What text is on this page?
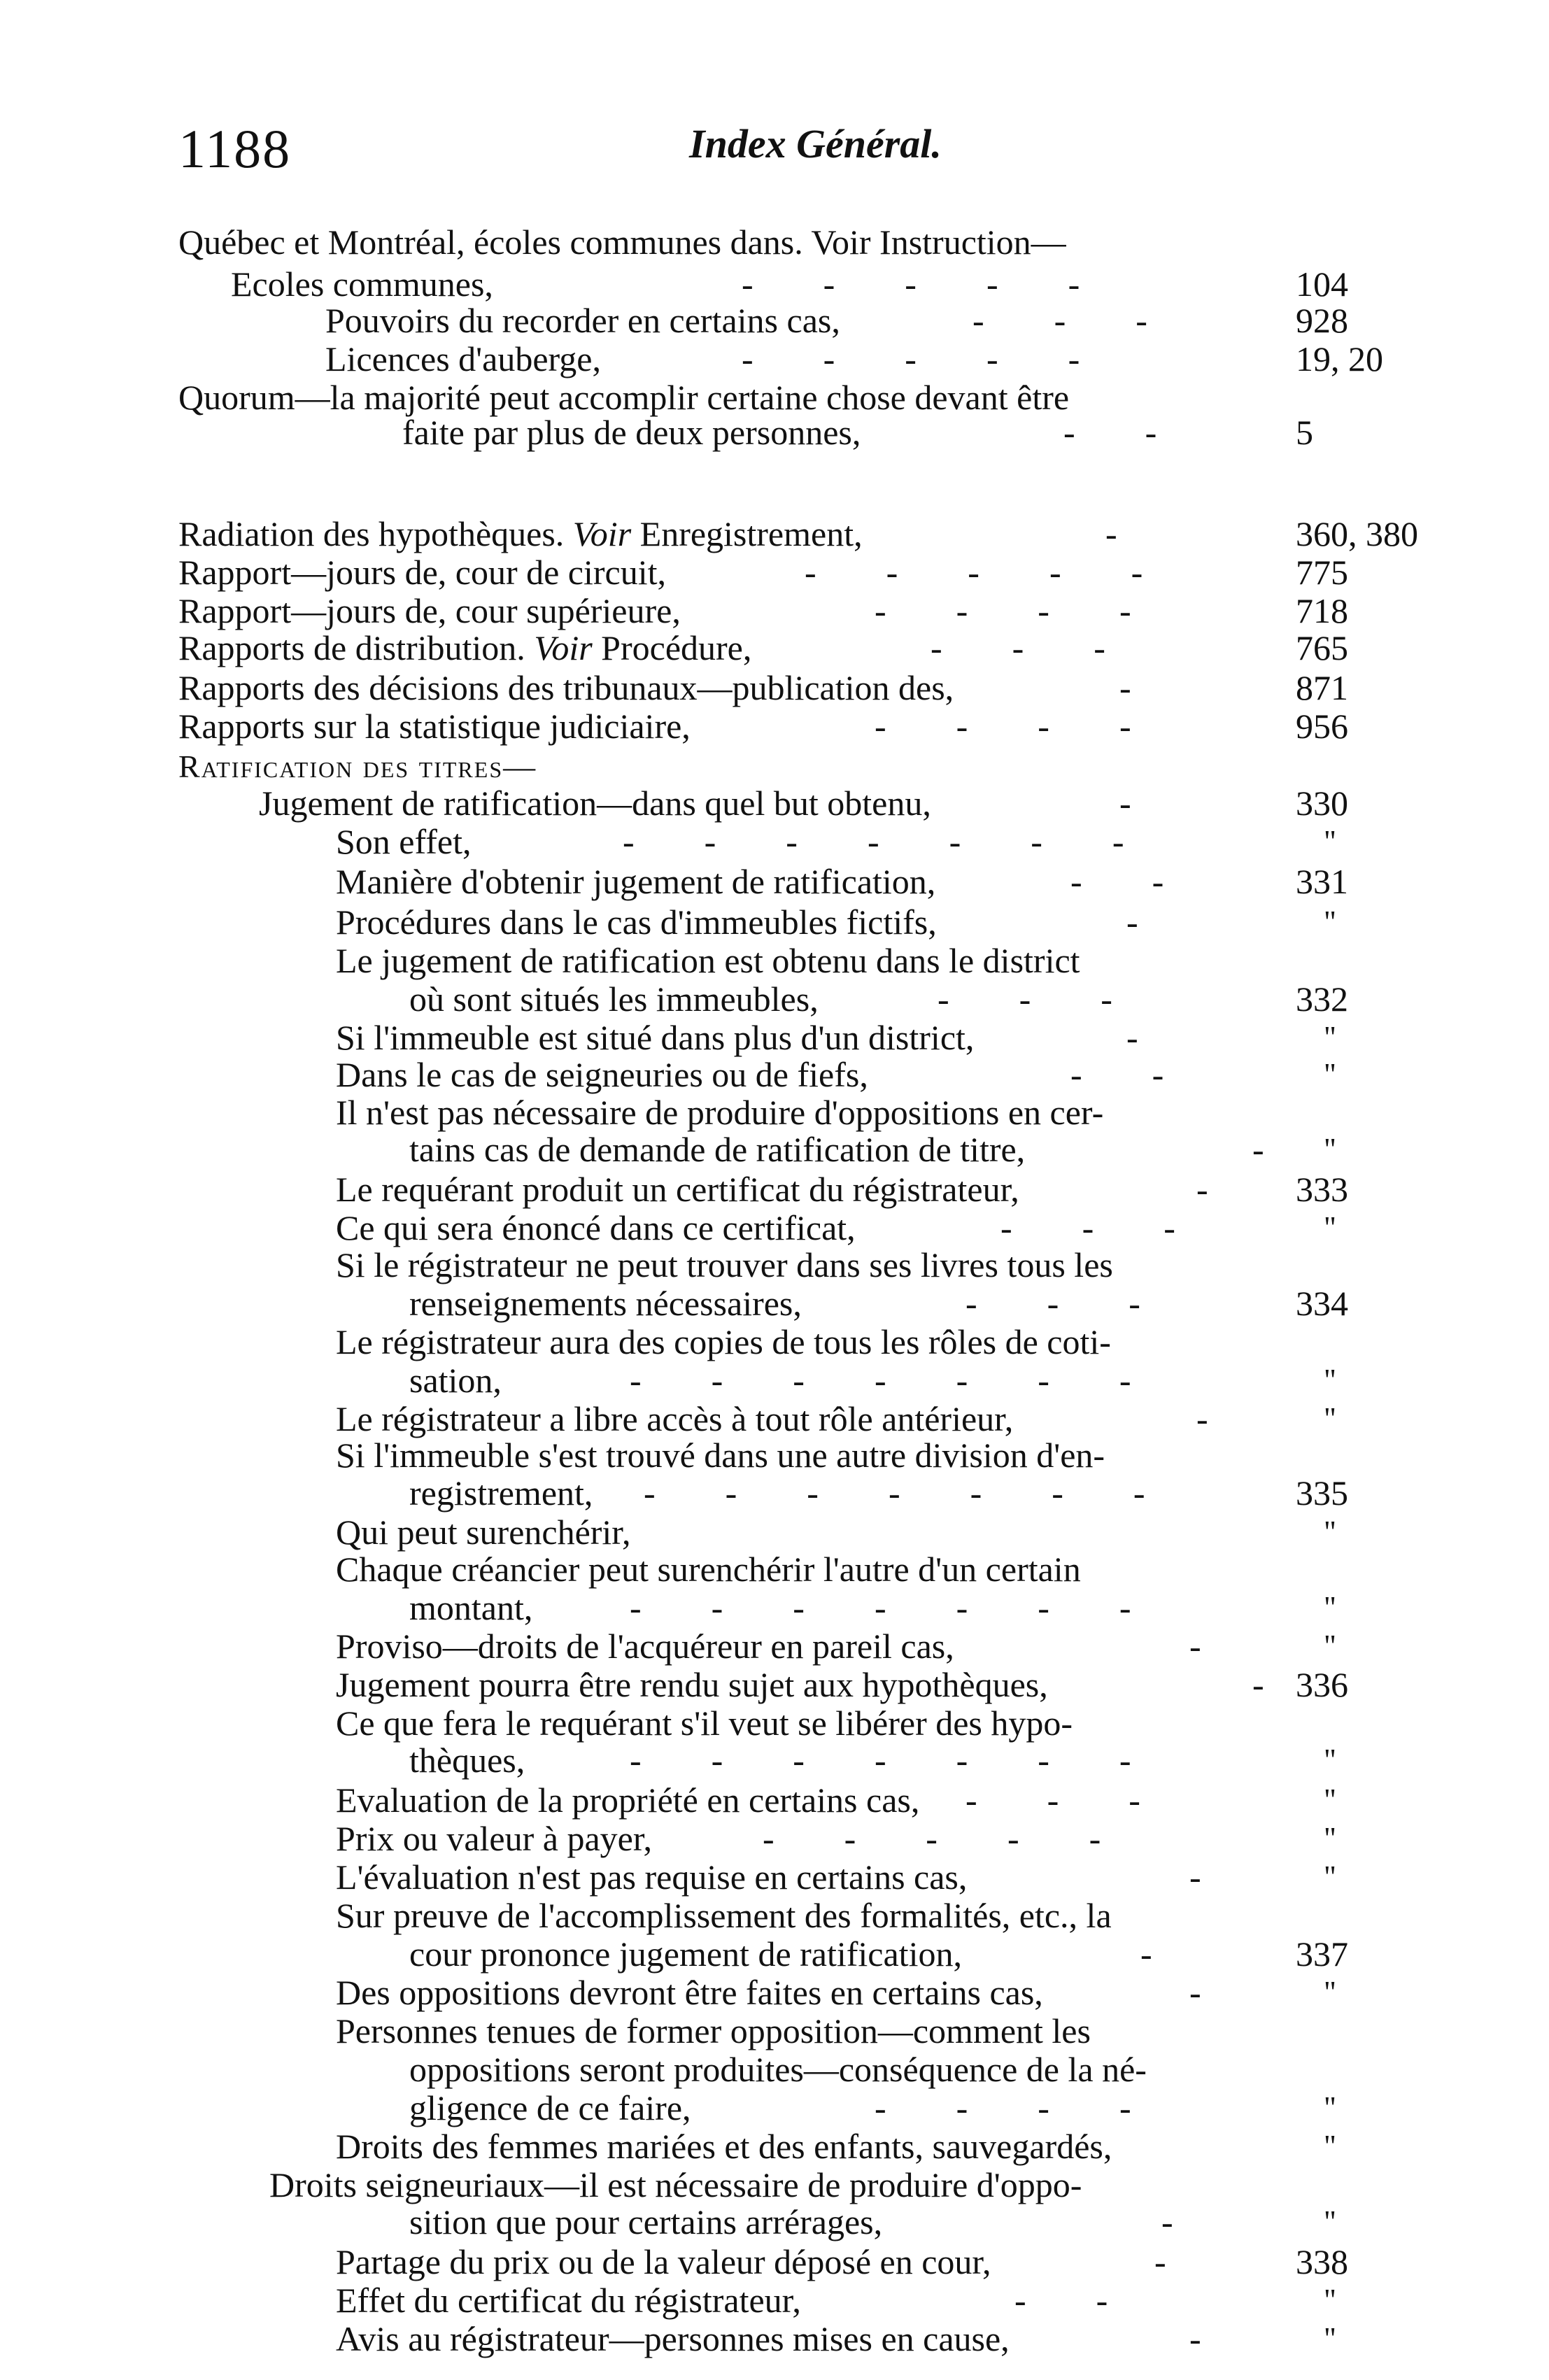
1188	Index Général.
Québec et Montréal, écoles communes dans. Voir Instruction—
Ecoles communes,	-  -  -  -  -	104
Pouvoirs du recorder en certains cas,	-  -  -	928
Licences d'auberge,	-  -  -  -  -	19, 20
Quorum—la majorité peut accomplir certaine chose devant être
faite par plus de deux personnes,	-  -	5
Radiation des hypothèques. Voir Enregistrement,	-	360, 380
Rapport—jours de, cour de circuit,	-  -  -  -  -	775
Rapport—jours de, cour supérieure,	-  -  -  -	718
Rapports de distribution. Voir Procédure,	-  -  -	765
Rapports des décisions des tribunaux—publication des,	-	871
Rapports sur la statistique judiciaire,	-  -  -  -	956
Ratification des titres—
Jugement de ratification—dans quel but obtenu,	-	330
Son effet,	-  -  -  -  -  -  -	"
Manière d'obtenir jugement de ratification,	-  -	331
Procédures dans le cas d'immeubles fictifs,	-	"
Le jugement de ratification est obtenu dans le district
où sont situés les immeubles,	-  -  -	332
Si l'immeuble est situé dans plus d'un district,	-	"
Dans le cas de seigneuries ou de fiefs,	-  -	"
Il n'est pas nécessaire de produire d'oppositions en cer-
tains cas de demande de ratification de titre,	- "
Le requérant produit un certificat du régistrateur,	-	333
Ce qui sera énoncé dans ce certificat,	-  -  -	"
Si le régistrateur ne peut trouver dans ses livres tous les
renseignements nécessaires,	-  -  -	334
Le régistrateur aura des copies de tous les rôles de coti-
sation,	-  -  -  -  -  -  -	"
Le régistrateur a libre accès à tout rôle antérieur,	-	"
Si l'immeuble s'est trouvé dans une autre division d'en-
registrement, -  -  -  -  -  -  -	335
Qui peut surenchérir,	"
Chaque créancier peut surenchérir l'autre d'un certain
montant,	-  -  -  -  -  -  -	"
Proviso—droits de l'acquéreur en pareil cas,	-	"
Jugement pourra être rendu sujet aux hypothèques,	- 336
Ce que fera le requérant s'il veut se libérer des hypo-
thèques,	-  -  -  -  -  -  -	"
Evaluation de la propriété en certains cas, -  -  -	"
Prix ou valeur à payer,	-  -  -  -  -	"
L'évaluation n'est pas requise en certains cas,	-	"
Sur preuve de l'accomplissement des formalités, etc., la
cour prononce jugement de ratification,	-	337
Des oppositions devront être faites en certains cas,	-	"
Personnes tenues de former opposition—comment les
oppositions seront produites—conséquence de la né-
gligence de ce faire,	-  -  -  -	"
Droits des femmes mariées et des enfants, sauvegardés,	"
Droits seigneuriaux—il est nécessaire de produire d'oppo-
sition que pour certains arrérages,	-	"
Partage du prix ou de la valeur déposé en cour,	-	338
Effet du certificat du régistrateur,	-  -	"
Avis au régistrateur—personnes mises en cause,	-	"
